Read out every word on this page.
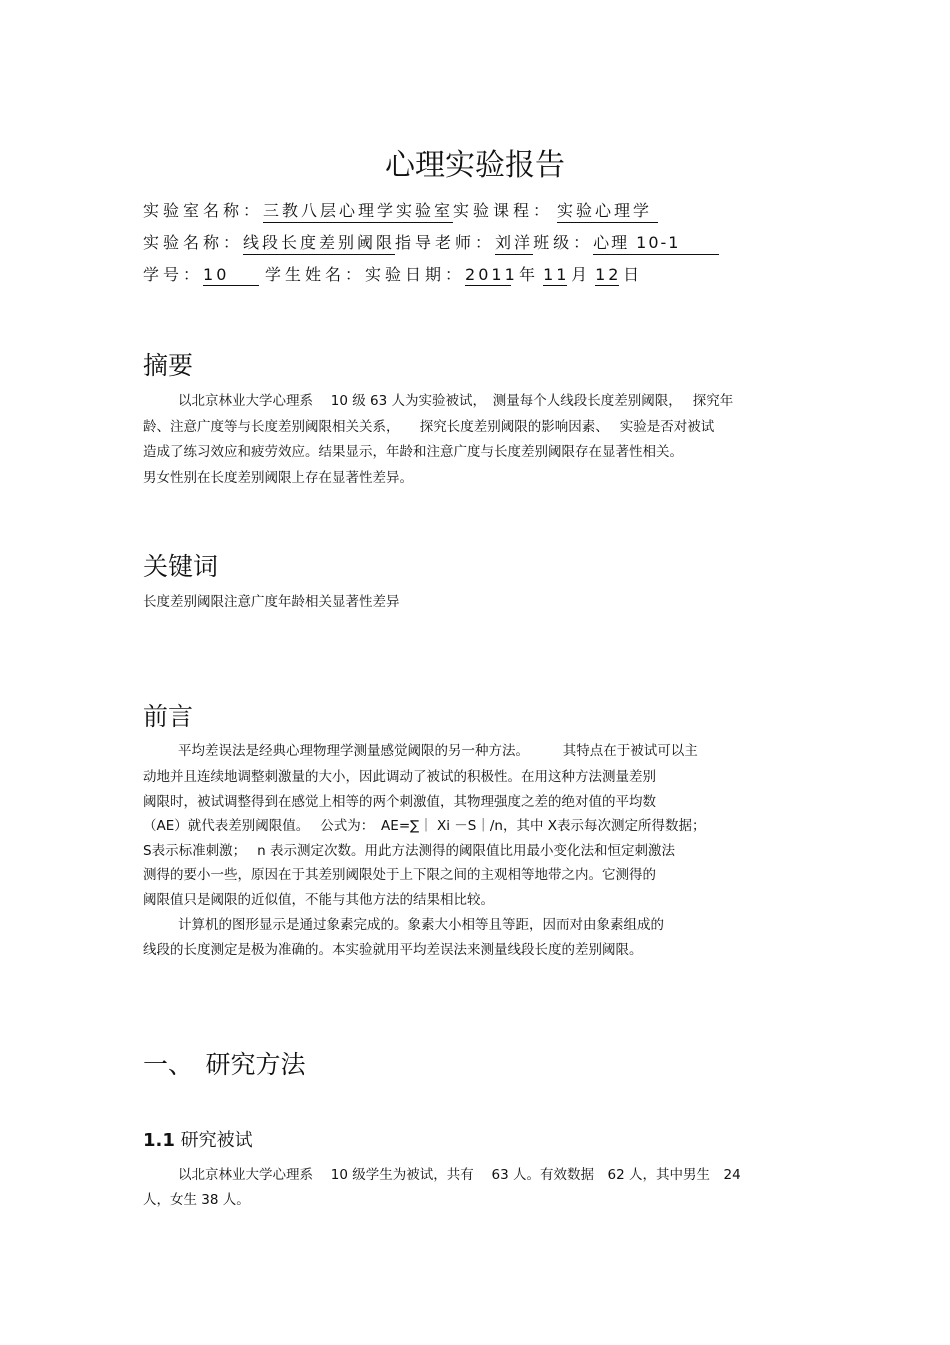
心理实验报告
实验室名称：三教八层心理学实验室实验课程： 实验心理学
实验名称：线段长度差别阈限指导老师：刘洋班级：心理 10-1
学号：10 学生姓名：实验日期：2011年 11 月 12 日
摘要
以北京林业大学心理系　 10 级 63 人为实验被试，　测量每个人线段长度差别阈限，　 探究年
龄、注意广度等与长度差别阈限相关关系，　　探究长度差别阈限的影响因素、　 实验是否对被试
造成了练习效应和疲劳效应。结果显示，年龄和注意广度与长度差别阈限存在显著性相关。
男女性别在长度差别阈限上存在显著性差异。
关键词
长度差别阈限注意广度年龄相关显著性差异
前言
平均差误法是经典心理物理学测量感觉阈限的另一种方法。　　　其特点在于被试可以主
动地并且连续地调整刺激量的大小，因此调动了被试的积极性。在用这种方法测量差别
阈限时，被试调整得到在感觉上相等的两个刺激值，其物理强度之差的绝对值的平均数
（AE）就代表差别阈限值。　 公式为：　AE=∑｜ Xi －S｜/n，其中 X表示每次测定所得数据；
S表示标准刺激；　 n 表示测定次数。用此方法测得的阈限值比用最小变化法和恒定刺激法
测得的要小一些，原因在于其差别阈限处于上下限之间的主观相等地带之内。它测得的
阈限值只是阈限的近似值，不能与其他方法的结果相比较。
计算机的图形显示是通过象素完成的。象素大小相等且等距，因而对由象素组成的
线段的长度测定是极为准确的。本实验就用平均差误法来测量线段长度的差别阈限。
一、　研究方法
1.1 研究被试
以北京林业大学心理系　 10 级学生为被试，共有　 63 人。有效数据　62 人，其中男生　24
人，女生 38 人。
